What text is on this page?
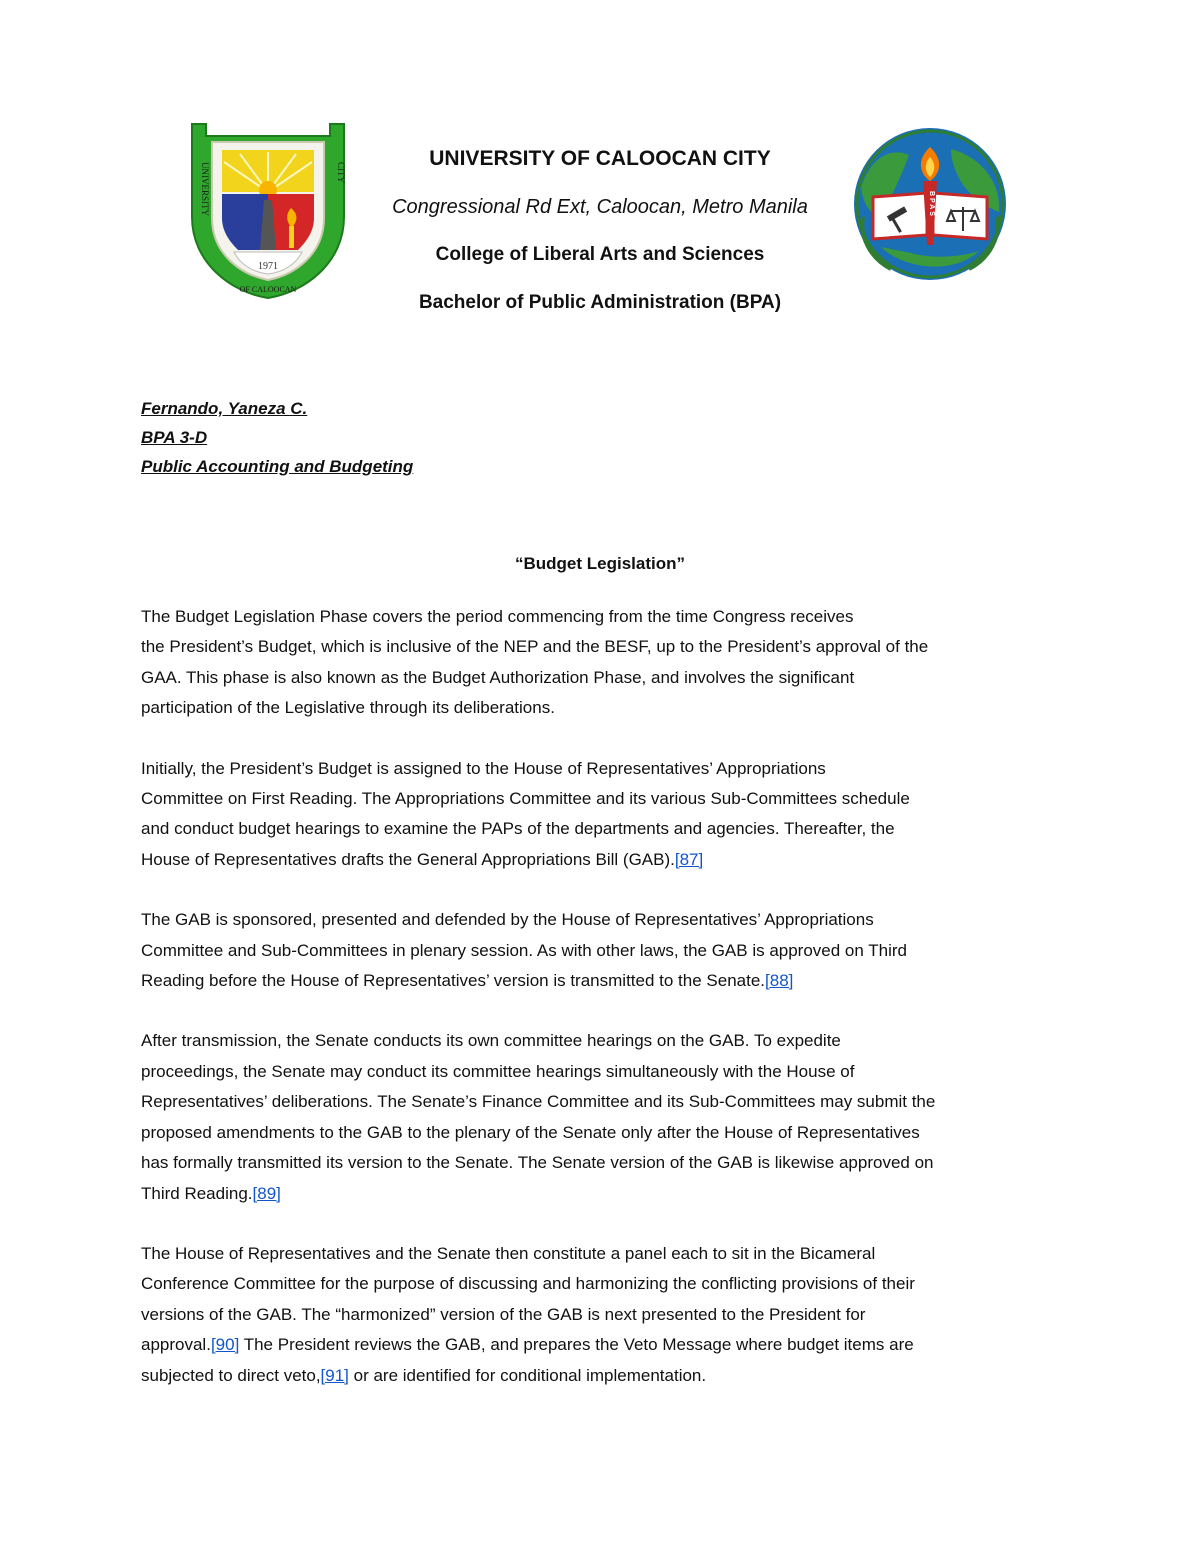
1971
UNIVERSITY	CITY
OF CALOOCAN

UNIVERSITY OF CALOOCAN CITY

Congressional Rd Ext, Caloocan, Metro Manila

College of Liberal Arts and Sciences

Bachelor of Public Administration (BPA)

BPAS
Fernando, Yaneza C.
BPA 3-D
Public Accounting and Budgeting
“Budget Legislation”

The Budget Legislation Phase covers the period commencing from the time Congress receives
the President’s Budget, which is inclusive of the NEP and the BESF, up to the President’s approval of the
GAA. This phase is also known as the Budget Authorization Phase, and involves the significant
participation of the Legislative through its deliberations.

Initially, the President’s Budget is assigned to the House of Representatives’ Appropriations
Committee on First Reading. The Appropriations Committee and its various Sub-Committees schedule
and conduct budget hearings to examine the PAPs of the departments and agencies. Thereafter, the
House of Representatives drafts the General Appropriations Bill (GAB).[87]

The GAB is sponsored, presented and defended by the House of Representatives’ Appropriations
Committee and Sub-Committees in plenary session. As with other laws, the GAB is approved on Third
Reading before the House of Representatives’ version is transmitted to the Senate.[88]

After transmission, the Senate conducts its own committee hearings on the GAB. To expedite
proceedings, the Senate may conduct its committee hearings simultaneously with the House of
Representatives’ deliberations. The Senate’s Finance Committee and its Sub-Committees may submit the
proposed amendments to the GAB to the plenary of the Senate only after the House of Representatives
has formally transmitted its version to the Senate. The Senate version of the GAB is likewise approved on
Third Reading.[89]

The House of Representatives and the Senate then constitute a panel each to sit in the Bicameral
Conference Committee for the purpose of discussing and harmonizing the conflicting provisions of their
versions of the GAB. The “harmonized” version of the GAB is next presented to the President for
approval.[90] The President reviews the GAB, and prepares the Veto Message where budget items are
subjected to direct veto,[91] or are identified for conditional implementation.
